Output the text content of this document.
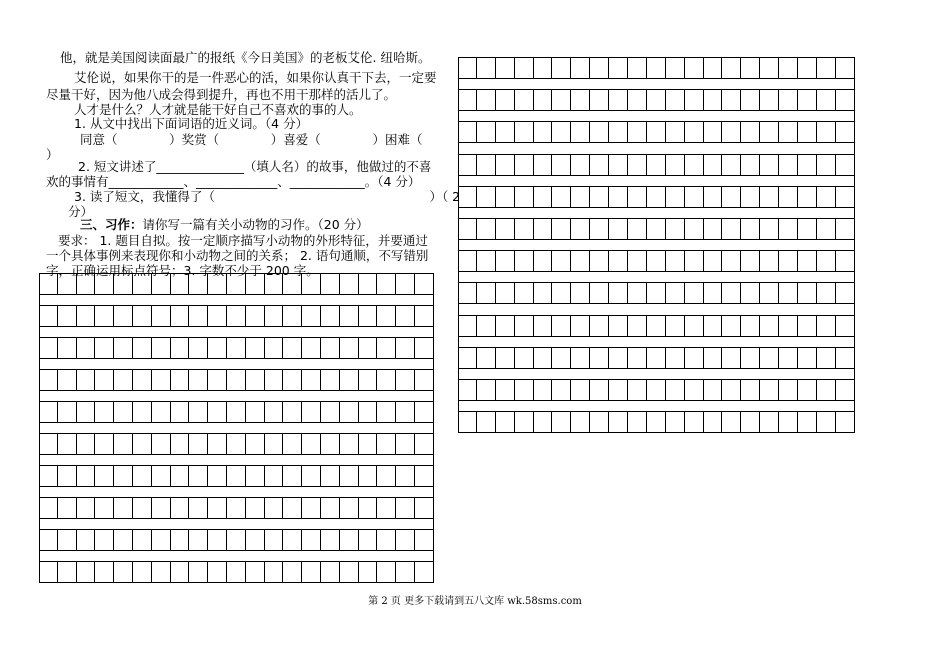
他，就是美国阅读面最广的报纸《今日美国》的老板艾伦. 纽哈斯。
艾伦说，如果你干的是一件恶心的活，如果你认真干下去，一定要
尽量干好，因为他八成会得到提升，再也不用干那样的活儿了。
人才是什么？人才就是能干好自己不喜欢的事的人。
1. 从文中找出下面词语的近义词。（4 分）
同意（             ）奖赏（             ）喜爱（             ）困难（
）
2. 短文讲述了______________（填人名）的故事，他做过的不喜
欢的事情有____________、_____________、____________。（4 分）
3. 读了短文，我懂得了（                                                      ）（ 2
分）
三、习作：请你写一篇有关小动物的习作。（20 分）
要求： 1. 题目自拟。按一定顺序描写小动物的外形特征，并要通过
一个具体事例来表现你和小动物之间的关系； 2. 语句通顺，不写错别
字，正确运用标点符号；3. 字数不少于 200 字。
第 2 页 更多下载请到五八文库 wk.58sms.com
